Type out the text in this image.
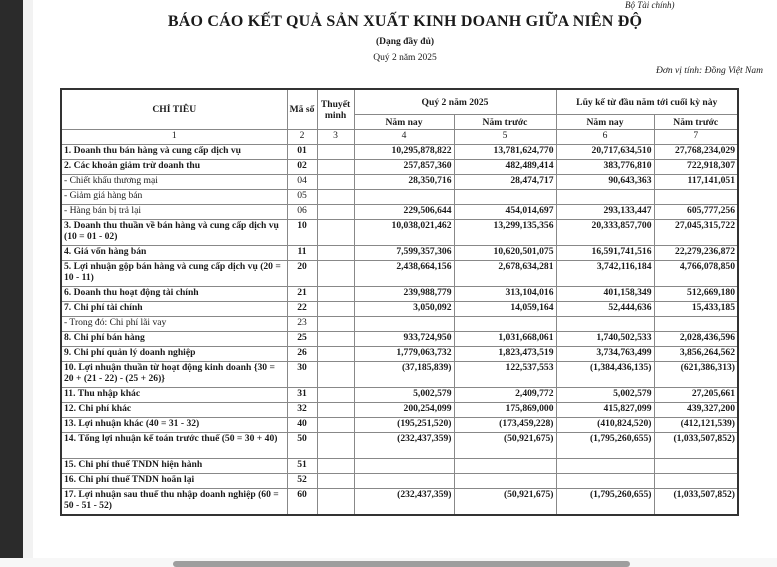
Bộ Tài chính)
BÁO CÁO KẾT QUẢ SẢN XUẤT KINH DOANH GIỮA NIÊN ĐỘ
(Dạng đầy đủ)
Quý 2 năm 2025
Đơn vị tính: Đồng Việt Nam
CHỈ TIÊU	Mã số	Thuyết minh	Quý 2 năm 2025		Lũy kế từ đầu năm tới cuối kỳ này	
			Năm nay	Năm trước	Năm nay	Năm trước
1	2	3	4	5	6	7
1. Doanh thu bán hàng và cung cấp dịch vụ	01		10,295,878,822	13,781,624,770	20,717,634,510	27,768,234,029
2. Các khoản giảm trừ doanh thu	02		257,857,360	482,489,414	383,776,810	722,918,307
- Chiết khấu thương mại	04		28,350,716	28,474,717	90,643,363	117,141,051
- Giảm giá hàng bán	05					
- Hàng bán bị trả lại	06		229,506,644	454,014,697	293,133,447	605,777,256
3. Doanh thu thuần về bán hàng và cung cấp dịch vụ (10 = 01 - 02)	10		10,038,021,462	13,299,135,356	20,333,857,700	27,045,315,722
4. Giá vốn hàng bán	11		7,599,357,306	10,620,501,075	16,591,741,516	22,279,236,872
5. Lợi nhuận gộp bán hàng và cung cấp dịch vụ (20 = 10 - 11)	20		2,438,664,156	2,678,634,281	3,742,116,184	4,766,078,850
6. Doanh thu hoạt động tài chính	21		239,988,779	313,104,016	401,158,349	512,669,180
7. Chi phí tài chính	22		3,050,092	14,059,164	52,444,636	15,433,185
- Trong đó: Chi phí lãi vay	23					
8. Chi phí bán hàng	25		933,724,950	1,031,668,061	1,740,502,533	2,028,436,596
9. Chi phí quản lý doanh nghiệp	26		1,779,063,732	1,823,473,519	3,734,763,499	3,856,264,562
10. Lợi nhuận thuần từ hoạt động kinh doanh {30 = 20 + (21 - 22) - (25 + 26)}	30		(37,185,839)	122,537,553	(1,384,436,135)	(621,386,313)
11. Thu nhập khác	31		5,002,579	2,409,772	5,002,579	27,205,661
12. Chi phí khác	32		200,254,099	175,869,000	415,827,099	439,327,200
13. Lợi nhuận khác (40 = 31 - 32)	40		(195,251,520)	(173,459,228)	(410,824,520)	(412,121,539)
14. Tổng lợi nhuận kế toán trước thuế (50 = 30 + 40)	50		(232,437,359)	(50,921,675)	(1,795,260,655)	(1,033,507,852)
15. Chi phí thuế TNDN hiện hành	51					
16. Chi phí thuế TNDN hoãn lại	52					
17. Lợi nhuận sau thuế thu nhập doanh nghiệp (60 = 50 - 51 - 52)	60		(232,437,359)	(50,921,675)	(1,795,260,655)	(1,033,507,852)
